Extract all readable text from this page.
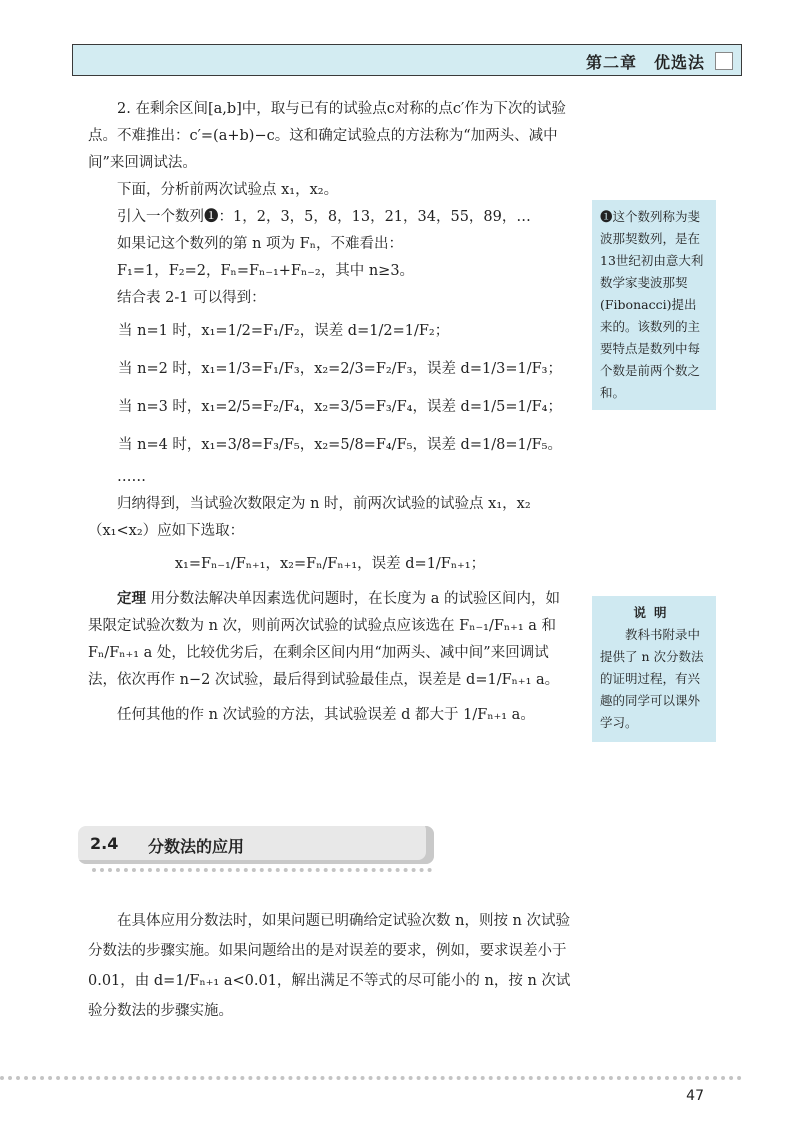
第二章　优选法

2. 在剩余区间[a,b]中，取与已有的试验点c对称的点c′作为下次的试验点。不难推出：c′=(a+b)−c。这和确定试验点的方法称为“加两头、减中间”来回调试法。

下面，分析前两次试验点 x₁，x₂。

引入一个数列❶：1，2，3，5，8，13，21，34，55，89，…

如果记这个数列的第 n 项为 Fₙ，不难看出：

F₁=1，F₂=2，Fₙ=Fₙ₋₁+Fₙ₋₂，其中 n≥3。

结合表 2-1 可以得到：

当 n=1 时，x₁=1/2=F₁/F₂，误差 d=1/2=1/F₂；
当 n=2 时，x₁=1/3=F₁/F₃，x₂=2/3=F₂/F₃，误差 d=1/3=1/F₃；
当 n=3 时，x₁=2/5=F₂/F₄，x₂=3/5=F₃/F₄，误差 d=1/5=1/F₄；
当 n=4 时，x₁=3/8=F₃/F₅，x₂=5/8=F₄/F₅，误差 d=1/8=1/F₅。

……

归纳得到，当试验次数限定为 n 时，前两次试验的试验点 x₁，x₂（x₁<x₂）应如下选取：

x₁=Fₙ₋₁/Fₙ₊₁，x₂=Fₙ/Fₙ₊₁，误差 d=1/Fₙ₊₁；

定理 用分数法解决单因素选优问题时，在长度为 a 的试验区间内，如果限定试验次数为 n 次，则前两次试验的试验点应该选在 Fₙ₋₁/Fₙ₊₁ a 和 Fₙ/Fₙ₊₁ a 处，比较优劣后，在剩余区间内用“加两头、减中间”来回调试法，依次再作 n−2 次试验，最后得到试验最佳点，误差是 d=1/Fₙ₊₁ a。

任何其他的作 n 次试验的方法，其试验误差 d 都大于 1/Fₙ₊₁ a。

❶这个数列称为斐波那契数列，是在13世纪初由意大利数学家斐波那契(Fibonacci)提出来的。该数列的主要特点是数列中每个数是前两个数之和。
说明
教科书附录中提供了 n 次分数法的证明过程，有兴趣的同学可以课外学习。
2.4 分数法的应用
在具体应用分数法时，如果问题已明确给定试验次数 n，则按 n 次试验分数法的步骤实施。如果问题给出的是对误差的要求，例如，要求误差小于 0.01，由 d=1/Fₙ₊₁ a<0.01，解出满足不等式的尽可能小的 n，按 n 次试验分数法的步骤实施。
47
